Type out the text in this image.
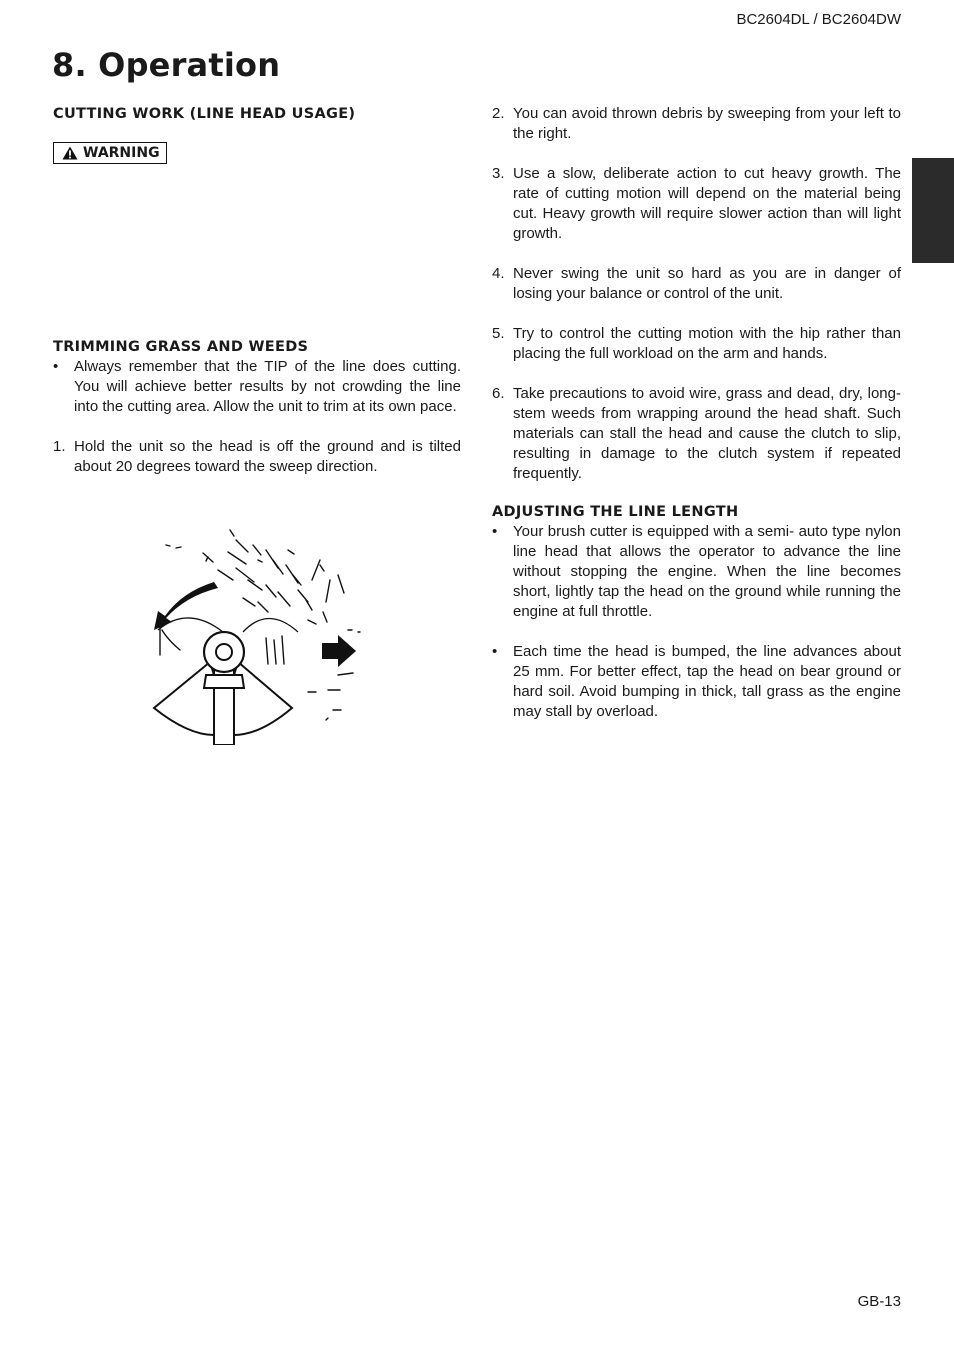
BC2604DL / BC2604DW
8. Operation
CUTTING WORK (LINE HEAD USAGE)
WARNING
TRIMMING GRASS AND WEEDS
•	Always remember that the TIP of the line does cutting. You will achieve better results by not crowding the line into the cutting area. Allow the unit to trim at its own pace.
1. Hold the unit so the head is off the ground and is tilted about 20 degrees toward the sweep direction.
2. You can avoid thrown debris by sweeping from your left to the right.
3. Use a slow, deliberate action to cut heavy growth. The rate of cutting motion will depend on the material being cut. Heavy growth will require slower action than will light growth.
4. Never swing the unit so hard as you are in danger of losing your balance or control of the unit.
5. Try to control the cutting motion with the hip rather than placing the full workload on the arm and hands.
6. Take precautions to avoid wire, grass and dead, dry, long-stem weeds from wrapping around the head shaft. Such materials can stall the head and cause the clutch to slip, resulting in damage to the clutch system if repeated frequently.
ADJUSTING THE LINE LENGTH
•	Your brush cutter is equipped with a semi- auto type nylon line head that allows the operator to advance the line without stopping the engine. When the line becomes short, lightly tap the head on the ground while running the engine at full throttle.
•	Each time the head is bumped, the line advances about 25 mm. For better effect, tap the head on bear ground or hard soil. Avoid bumping in thick, tall grass as the engine may stall by overload.
GB-13
